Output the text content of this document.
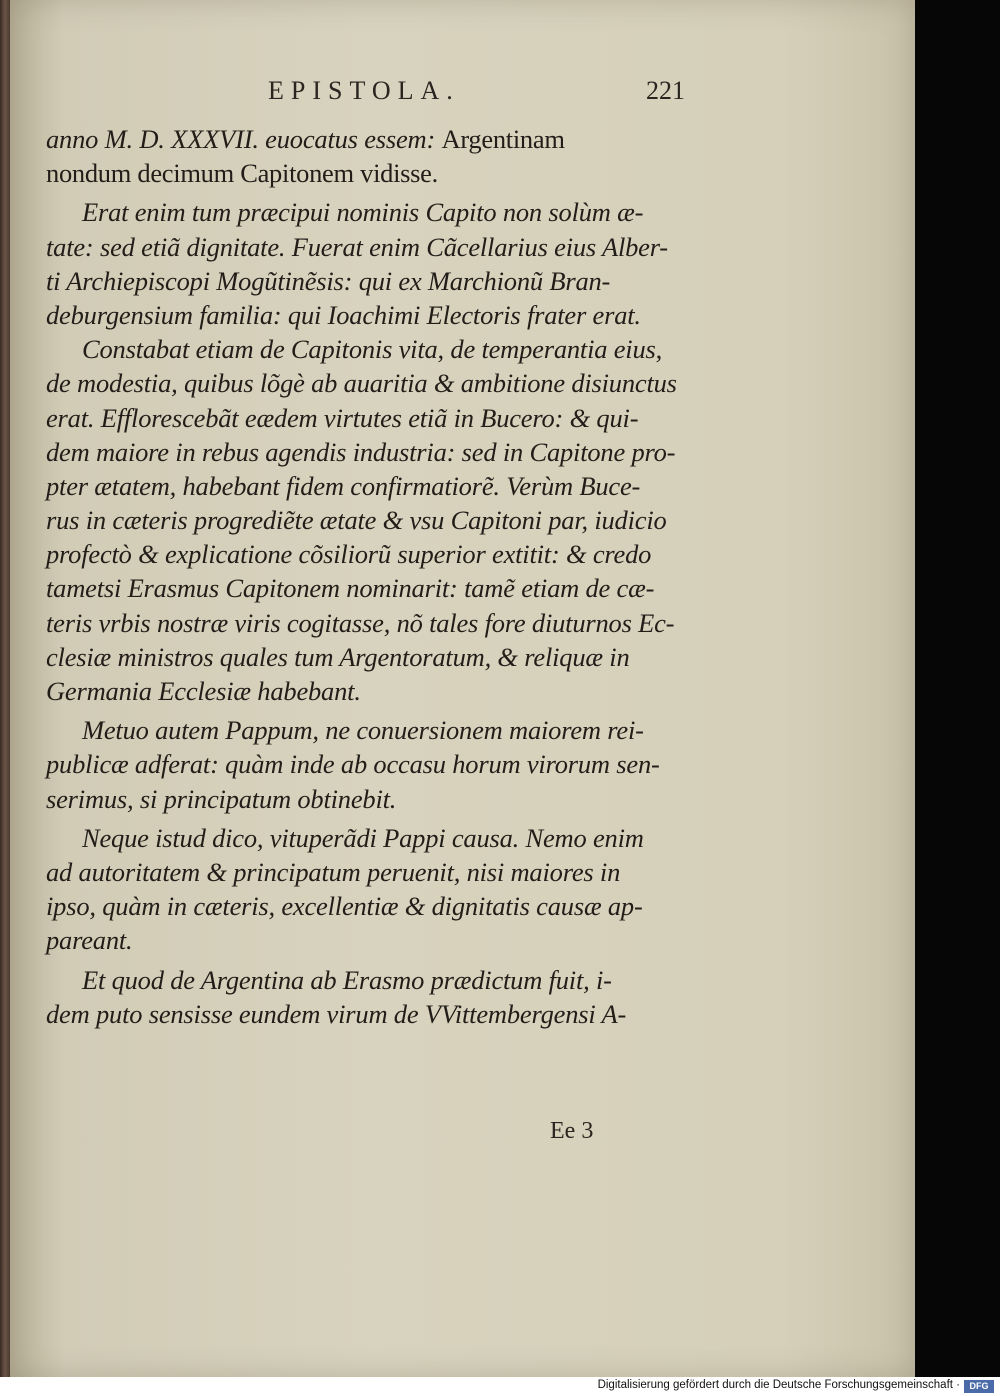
EPISTOLA.	221
anno M. D. XXXVII. euocatus essem: Argentinam
nondum decimum Capitonem vidisse.
Erat enim tum præcipui nominis Capito non solùm æ-
tate: sed etiã dignitate. Fuerat enim Cãcellarius eius Alber-
ti Archiepiscopi Mogũtinẽsis: qui ex Marchionũ Bran-
deburgensium familia: qui Ioachimi Electoris frater erat.
Constabat etiam de Capitonis vita, de temperantia eius,
de modestia, quibus lõgè ab auaritia & ambitione disiunctus
erat. Efflorescebãt eædem virtutes etiã in Bucero: & qui-
dem maiore in rebus agendis industria: sed in Capitone pro-
pter ætatem, habebant fidem confirmatiorẽ. Verùm Buce-
rus in cæteris progrediẽte ætate & vsu Capitoni par, iudicio
profectò & explicatione cõsiliorũ superior extitit: & credo
tametsi Erasmus Capitonem nominarit: tamẽ etiam de cæ-
teris vrbis nostræ viris cogitasse, nõ tales fore diuturnos Ec-
clesiæ ministros quales tum Argentoratum, & reliquæ in
Germania Ecclesiæ habebant.
Metuo autem Pappum, ne conuersionem maiorem rei-
publicæ adferat: quàm inde ab occasu horum virorum sen-
serimus, si principatum obtinebit.
Neque istud dico, vituperãdi Pappi causa. Nemo enim
ad autoritatem & principatum peruenit, nisi maiores in
ipso, quàm in cæteris, excellentiæ & dignitatis causæ ap-
pareant.
Et quod de Argentina ab Erasmo prædictum fuit, i-
dem puto sensisse eundem virum de VVittembergensi A-
Ee 3
Digitalisierung gefördert durch die Deutsche Forschungsgemeinschaft ·	DFG
